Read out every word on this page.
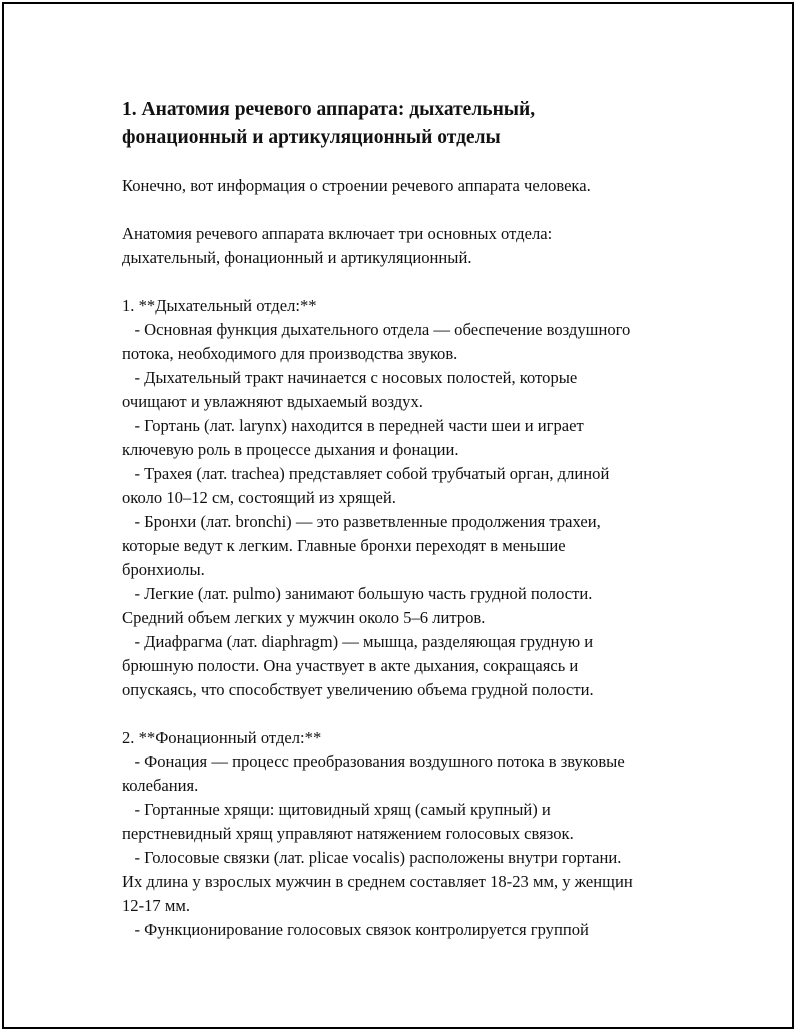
1. Анатомия речевого аппарата: дыхательный,
фонационный и артикуляционный отделы

Конечно, вот информация о строении речевого аппарата человека.

Анатомия речевого аппарата включает три основных отдела:
дыхательный, фонационный и артикуляционный.

1. **Дыхательный отдел:**

- Основная функция дыхательного отдела — обеспечение воздушного

потока, необходимого для производства звуков.

- Дыхательный тракт начинается с носовых полостей, которые

очищают и увлажняют вдыхаемый воздух.

- Гортань (лат. larynx) находится в передней части шеи и играет

ключевую роль в процессе дыхания и фонации.

- Трахея (лат. trachea) представляет собой трубчатый орган, длиной

около 10–12 см, состоящий из хрящей.

- Бронхи (лат. bronchi) — это разветвленные продолжения трахеи,

которые ведут к легким. Главные бронхи переходят в меньшие

бронхиолы.

- Легкие (лат. pulmo) занимают большую часть грудной полости.

Средний объем легких у мужчин около 5–6 литров.

- Диафрагма (лат. diaphragm) — мышца, разделяющая грудную и

брюшную полости. Она участвует в акте дыхания, сокращаясь и

опускаясь, что способствует увеличению объема грудной полости.

2. **Фонационный отдел:**

- Фонация — процесс преобразования воздушного потока в звуковые

колебания.

- Гортанные хрящи: щитовидный хрящ (самый крупный) и

перстневидный хрящ управляют натяжением голосовых связок.

- Голосовые связки (лат. plicae vocalis) расположены внутри гортани.

Их длина у взрослых мужчин в среднем составляет 18-23 мм, у женщин

12-17 мм.

- Функционирование голосовых связок контролируется группой
